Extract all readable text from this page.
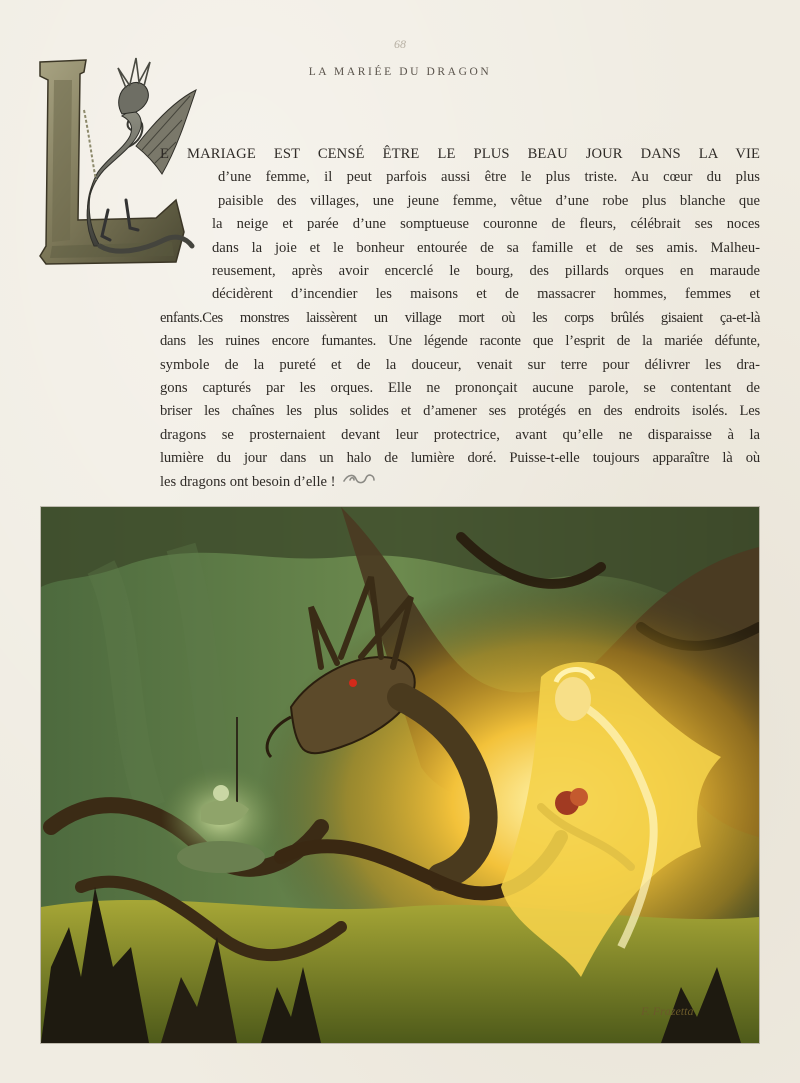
68
LA MARIÉE DU DRAGON
E MARIAGE EST CENSÉ ÊTRE LE PLUS BEAU JOUR DANS LA VIE
d’une femme, il peut parfois aussi être le plus triste. Au cœur du plus
paisible des villages, une jeune femme, vêtue d’une robe plus blanche que
la neige et parée d’une somptueuse couronne de fleurs, célébrait ses noces
dans la joie et le bonheur entourée de sa famille et de ses amis. Malheu-
reusement, après avoir encerclé le bourg, des pillards orques en maraude
décidèrent d’incendier les maisons et de massacrer hommes, femmes et
enfants.Ces monstres laissèrent un village mort où les corps brûlés gisaient ça-et-là
dans les ruines encore fumantes. Une légende raconte que l’esprit de la mariée défunte,
symbole de la pureté et de la douceur, venait sur terre pour délivrer les dra-
gons capturés par les orques. Elle ne prononçait aucune parole, se contentant de
briser les chaînes les plus solides et d’amener ses protégés en des endroits isolés. Les
dragons se prosternaient devant leur protectrice, avant qu’elle ne disparaisse à la
lumière du jour dans un halo de lumière doré. Puisse-t-elle toujours apparaître là où
les dragons ont besoin d’elle !
F. Frazetta
